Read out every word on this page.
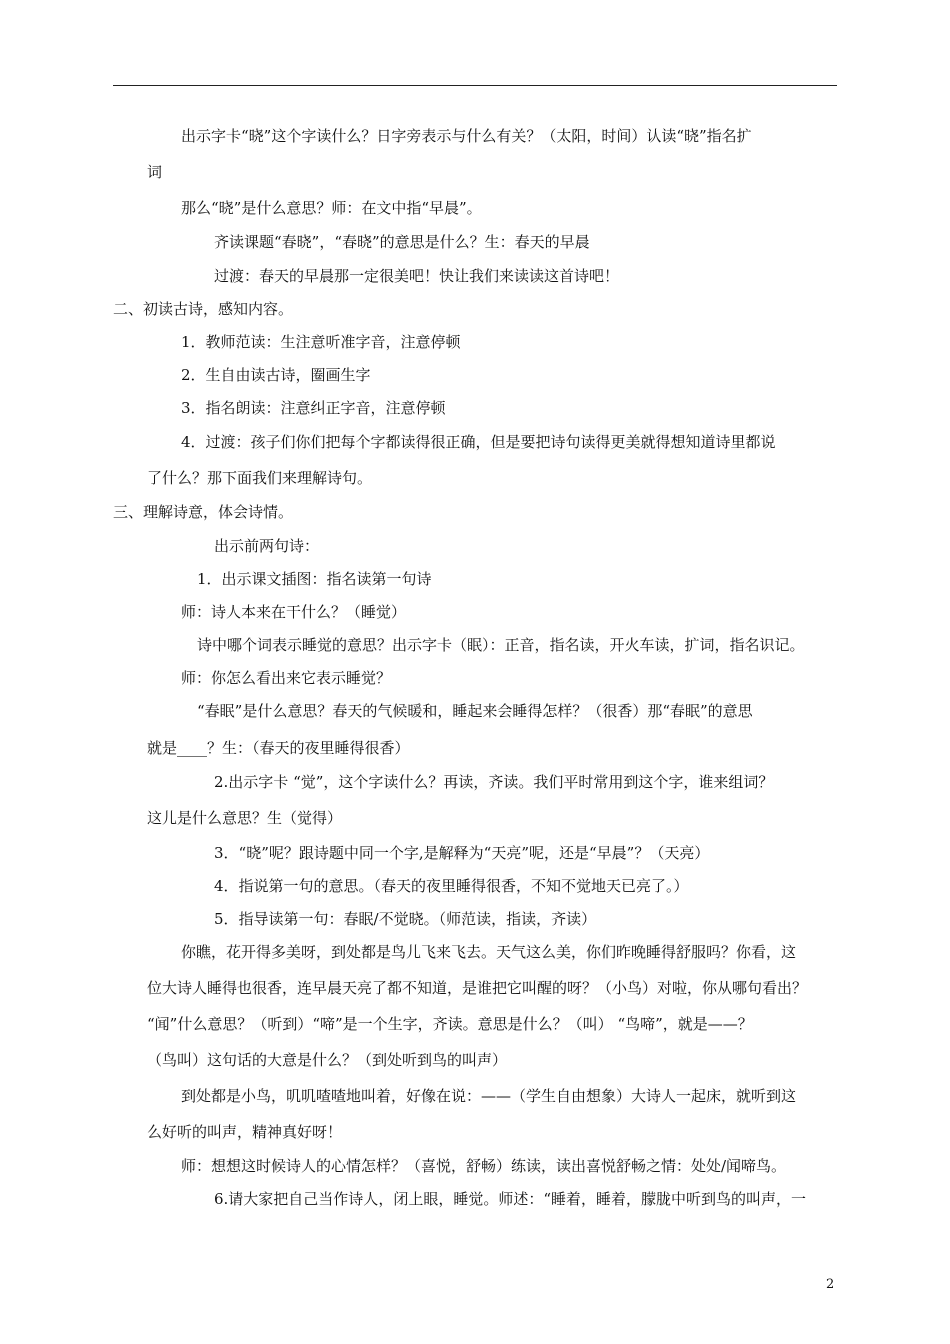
出示字卡“晓”这个字读什么？日字旁表示与什么有关？（太阳，时间）认读“晓”指名扩
词
那么“晓”是什么意思？师：在文中指“早晨”。
齐读课题“春晓”，“春晓”的意思是什么？生：春天的早晨
过渡：春天的早晨那一定很美吧！快让我们来读读这首诗吧！
二、初读古诗，感知内容。
1．教师范读：生注意听准字音，注意停顿
2．生自由读古诗，圈画生字
3．指名朗读：注意纠正字音，注意停顿
4．过渡：孩子们你们把每个字都读得很正确，但是要把诗句读得更美就得想知道诗里都说
了什么？那下面我们来理解诗句。
三、理解诗意，体会诗情。
出示前两句诗：
1．出示课文插图：指名读第一句诗
师：诗人本来在干什么？（睡觉）
诗中哪个词表示睡觉的意思？出示字卡（眠）：正音，指名读，开火车读，扩词，指名识记。
师：你怎么看出来它表示睡觉？
“春眠”是什么意思？春天的气候暖和，睡起来会睡得怎样？（很香）那“春眠”的意思
就是____？生：（春天的夜里睡得很香）
2.出示字卡 “觉”，这个字读什么？再读，齐读。我们平时常用到这个字，谁来组词？
这儿是什么意思？生（觉得）
3．“晓”呢？跟诗题中同一个字,是解释为“天亮”呢，还是“早晨”？（天亮）
4．指说第一句的意思。（春天的夜里睡得很香，不知不觉地天已亮了。）
5．指导读第一句：春眠/不觉晓。（师范读，指读，齐读）
你瞧，花开得多美呀，到处都是鸟儿飞来飞去。天气这么美，你们昨晚睡得舒服吗？你看，这
位大诗人睡得也很香，连早晨天亮了都不知道，是谁把它叫醒的呀？（小鸟）对啦，你从哪句看出？
“闻”什么意思？（听到）“啼”是一个生字，齐读。意思是什么？（叫） “鸟啼”，就是——？
（鸟叫）这句话的大意是什么？（到处听到鸟的叫声）
到处都是小鸟，叽叽喳喳地叫着，好像在说：——（学生自由想象）大诗人一起床，就听到这
么好听的叫声，精神真好呀！
师：想想这时候诗人的心情怎样？（喜悦，舒畅）练读，读出喜悦舒畅之情：处处/闻啼鸟。
6.请大家把自己当作诗人，闭上眼，睡觉。师述：“睡着，睡着，朦胧中听到鸟的叫声，一
2
